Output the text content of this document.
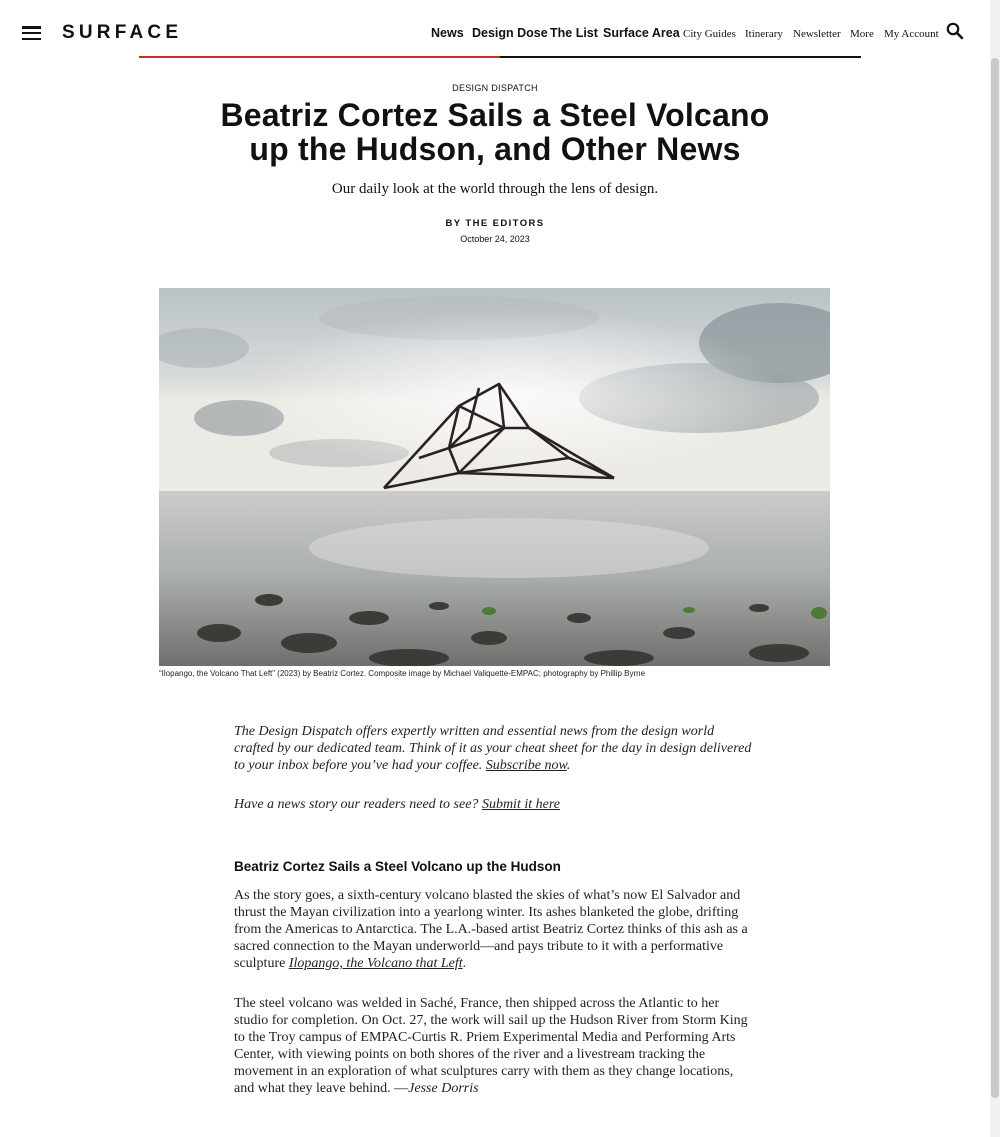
SURFACE	News Design Dose The List Surface Area City Guides Itinerary Newsletter More My Account
DESIGN DISPATCH
Beatriz Cortez Sails a Steel Volcano
up the Hudson, and Other News
Our daily look at the world through the lens of design.
BY THE EDITORS
October 24, 2023
“Ilopango, the Volcano That Left” (2023) by Beatriz Cortez. Composite image by Michael Valiquette-EMPAC; photography by Phillip Byrne

The Design Dispatch offers expertly written and essential news from the design world crafted by our dedicated team. Think of it as your cheat sheet for the day in design delivered to your inbox before you’ve had your coffee. Subscribe now.

Have a news story our readers need to see? Submit it here

Beatriz Cortez Sails a Steel Volcano up the Hudson

As the story goes, a sixth-century volcano blasted the skies of what’s now El Salvador and thrust the Mayan civilization into a yearlong winter. Its ashes blanketed the globe, drifting from the Americas to Antarctica. The L.A.-based artist Beatriz Cortez thinks of this ash as a sacred connection to the Mayan underworld—and pays tribute to it with a performative sculpture Ilopango, the Volcano that Left.

The steel volcano was welded in Saché, France, then shipped across the Atlantic to her studio for completion. On Oct. 27, the work will sail up the Hudson River from Storm King to the Troy campus of EMPAC-Curtis R. Priem Experimental Media and Performing Arts Center, with viewing points on both shores of the river and a livestream tracking the movement in an exploration of what sculptures carry with them as they change locations, and what they leave behind. —Jesse Dorris
